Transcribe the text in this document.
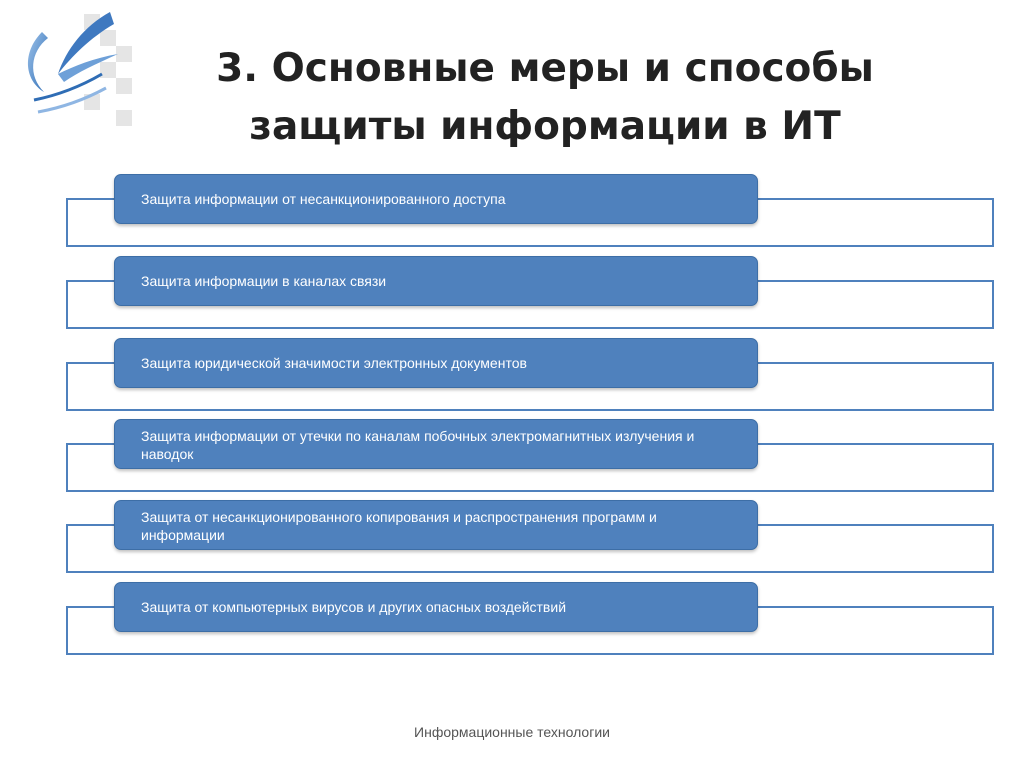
3. Основные меры и способы
защиты информации в ИТ
Защита информации от несанкционированного доступа
Защита информации в каналах связи
Защита юридической значимости электронных документов
Защита информации от утечки по каналам побочных электромагнитных излучения и наводок
Защита от несанкционированного копирования и распространения программ и информации
Защита от компьютерных вирусов и других опасных воздействий
Информационные технологии
